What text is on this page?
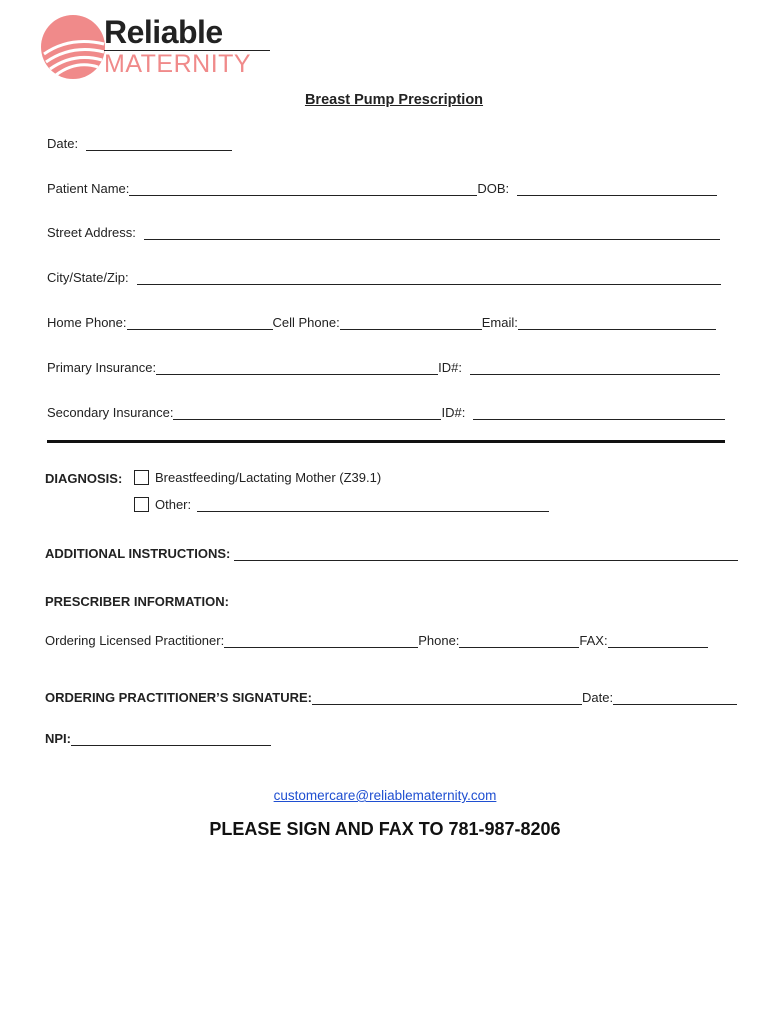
Reliable
MATERNITY
Breast Pump Prescription
Date:
Patient Name:	DOB:
Street Address:
City/State/Zip:
Home Phone:	Cell Phone:	Email:
Primary Insurance:	ID#:
Secondary Insurance:	ID#:
DIAGNOSIS:	Breastfeeding/Lactating Mother (Z39.1)
Other:
ADDITIONAL INSTRUCTIONS:
PRESCRIBER INFORMATION:
Ordering Licensed Practitioner:	Phone:	FAX:
ORDERING PRACTITIONER’S SIGNATURE:	Date:
NPI:
customercare@reliablematernity.com
PLEASE SIGN AND FAX TO 781-987-8206
